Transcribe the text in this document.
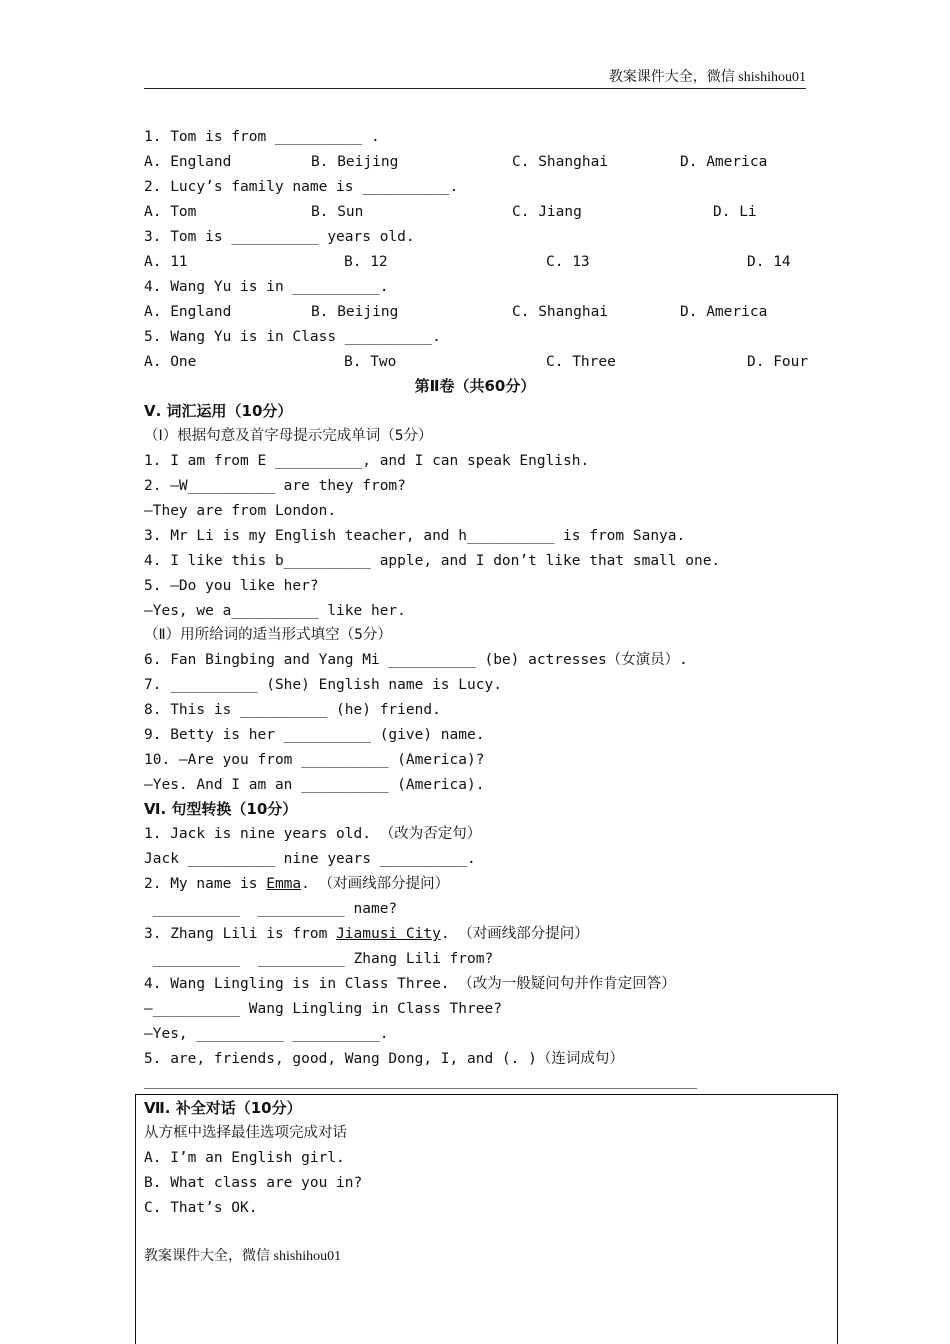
教案课件大全，微信 shishihou01
1. Tom is from __________ .
A. England	B. Beijing	C. Shanghai	D. America
2. Lucy’s family name is __________.
A. Tom	B. Sun	C. Jiang	D. Li
3. Tom is __________ years old.
A. 11	B. 12	C. 13	D. 14
4. Wang Yu is in __________.
A. England	B. Beijing	C. Shanghai	D. America
5. Wang Yu is in Class __________.
A. One	B. Two	C. Three	D. Four
第Ⅱ卷（共60分）
Ⅴ. 词汇运用（10分）
（Ⅰ）根据句意及首字母提示完成单词（5分）
1. I am from E __________, and I can speak English.
2. —W__________ are they from?
—They are from London.
3. Mr Li is my English teacher, and h__________ is from Sanya.
4. I like this b__________ apple, and I don’t like that small one.
5. —Do you like her?
—Yes, we a__________ like her.
（Ⅱ）用所给词的适当形式填空（5分）
6. Fan Bingbing and Yang Mi __________ (be) actresses（女演员）.
7. __________ (She) English name is Lucy.
8. This is __________ (he) friend.
9. Betty is her __________ (give) name.
10. —Are you from __________ (America)?
—Yes. And I am an __________ (America).
Ⅵ. 句型转换（10分）
1. Jack is nine years old. （改为否定句）
Jack __________ nine years __________.
2. My name is Emma. （对画线部分提问）
__________  __________ name?
3. Zhang Lili is from Jiamusi City. （对画线部分提问）
__________  __________ Zhang Lili from?
4. Wang Lingling is in Class Three. （改为一般疑问句并作肯定回答）
—__________ Wang Lingling in Class Three?
—Yes, __________ __________.
5. are, friends, good, Wang Dong, I, and (. )（连词成句）
Ⅶ. 补全对话（10分）
从方框中选择最佳选项完成对话
A. I’m an English girl.
B. What class are you in?
C. That’s OK.
教案课件大全，微信 shishihou01
